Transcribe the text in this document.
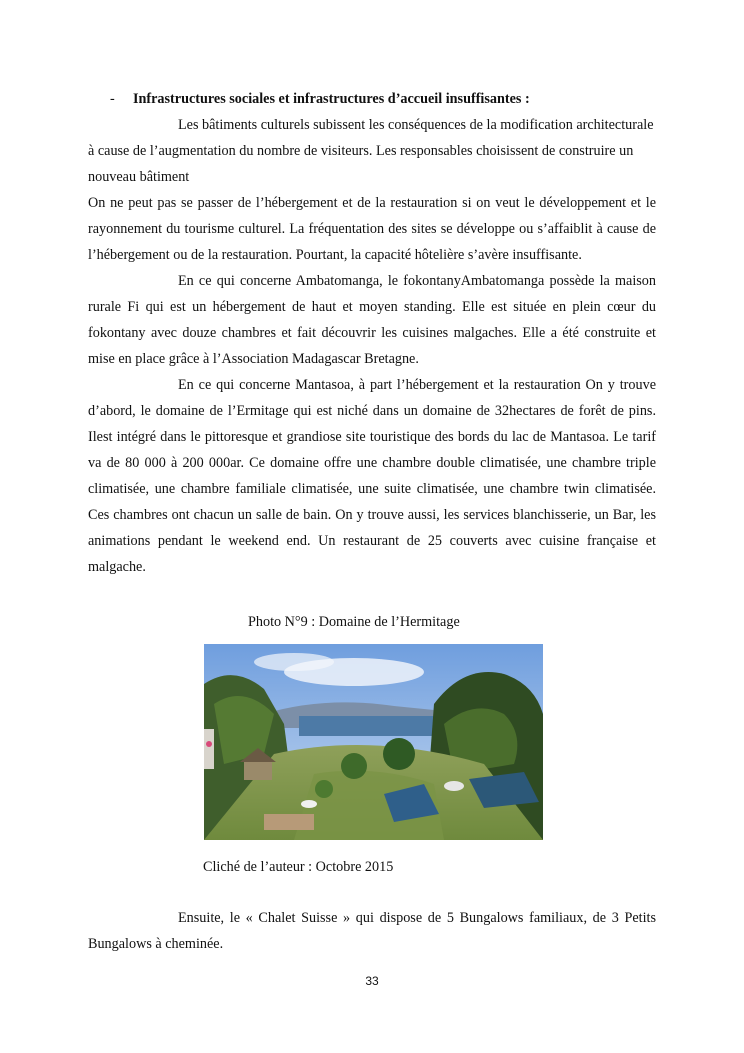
- Infrastructures sociales et infrastructures d’accueil insuffisantes :

Les bâtiments culturels subissent les conséquences de la modification architecturale à cause de l’augmentation du nombre de visiteurs. Les responsables choisissent de construire un nouveau bâtiment

On ne peut pas se passer de l’hébergement et de la restauration si on veut le développement et le rayonnement du tourisme culturel. La fréquentation des sites se développe ou s’affaiblit à cause de l’hébergement ou de la restauration. Pourtant, la capacité hôtelière s’avère insuffisante.

En ce qui concerne Ambatomanga, le fokontanyAmbatomanga possède la maison rurale Fi qui est un hébergement de haut et moyen standing. Elle est située en plein cœur du fokontany avec douze chambres et fait découvrir les cuisines malgaches. Elle a été construite et mise en place grâce à l’Association Madagascar Bretagne.

En ce qui concerne Mantasoa, à part l’hébergement et la restauration On y trouve d’abord, le domaine de l’Ermitage qui est niché dans un domaine de 32hectares de forêt de pins. Ilest intégré dans le pittoresque et grandiose site touristique des bords du lac de Mantasoa. Le tarif va de 80 000 à 200 000ar. Ce domaine offre une chambre double climatisée, une chambre triple climatisée, une chambre familiale climatisée, une suite climatisée, une chambre twin climatisée. Ces chambres ont chacun un salle de bain. On y trouve aussi, les services blanchisserie, un Bar, les animations pendant le weekend end. Un restaurant de 25 couverts avec cuisine française et malgache.

Photo N°9 : Domaine de l’Hermitage
Cliché de l’auteur : Octobre 2015

Ensuite, le « Chalet Suisse » qui dispose de 5 Bungalows familiaux, de 3 Petits Bungalows à cheminée.

33
